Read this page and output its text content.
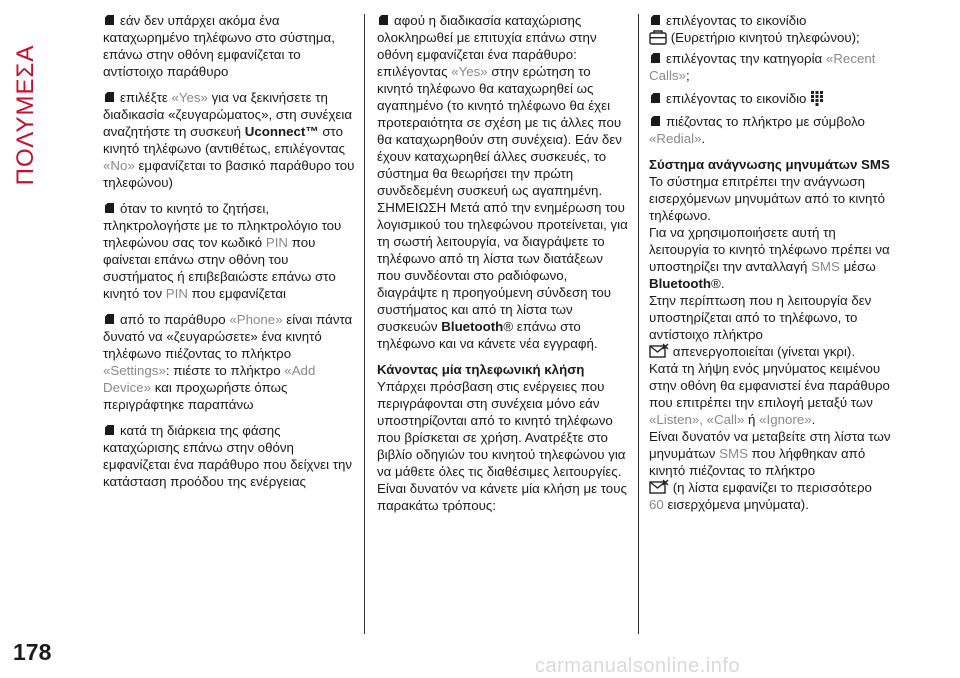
ΠΟΛΥΜΕΣΑ

εάν δεν υπάρχει ακόμα ένα καταχωρημένο τηλέφωνο στο σύστημα, επάνω στην οθόνη εμφανίζεται το αντίστοιχο παράθυρο

επιλέξτε «Yes» για να ξεκινήσετε τη διαδικασία «ζευγαρώματος», στη συνέχεια αναζητήστε τη συσκευή Uconnect™ στο κινητό τηλέφωνο (αντιθέτως, επιλέγοντας «No» εμφανίζεται το βασικό παράθυρο του τηλεφώνου)

όταν το κινητό το ζητήσει, πληκτρολογήστε με το πληκτρολόγιο του τηλεφώνου σας τον κωδικό PIN που φαίνεται επάνω στην οθόνη του συστήματος ή επιβεβαιώστε επάνω στο κινητό τον PIN που εμφανίζεται

από το παράθυρο «Phone» είναι πάντα δυνατό να «ζευγαρώσετε» ένα κινητό τηλέφωνο πιέζοντας το πλήκτρο «Settings»: πιέστε το πλήκτρο «Add Device» και προχωρήστε όπως περιγράφτηκε παραπάνω

κατά τη διάρκεια της φάσης καταχώρισης επάνω στην οθόνη εμφανίζεται ένα παράθυρο που δείχνει την κατάσταση προόδου της ενέργειας

αφού η διαδικασία καταχώρισης ολοκληρωθεί με επιτυχία επάνω στην οθόνη εμφανίζεται ένα παράθυρο: επιλέγοντας «Yes» στην ερώτηση το κινητό τηλέφωνο θα καταχωρηθεί ως αγαπημένο (το κινητό τηλέφωνο θα έχει προτεραιότητα σε σχέση με τις άλλες που θα καταχωρηθούν στη συνέχεια). Εάν δεν έχουν καταχωρηθεί άλλες συσκευές, το σύστημα θα θεωρήσει την πρώτη συνδεδεμένη συσκευή ως αγαπημένη.

ΣΗΜΕΙΩΣΗ Μετά από την ενημέρωση του λογισμικού του τηλεφώνου προτείνεται, για τη σωστή λειτουργία, να διαγράψετε το τηλέφωνο από τη λίστα των διατάξεων που συνδέονται στο ραδιόφωνο, διαγράψτε η προηγούμενη σύνδεση του συστήματος και από τη λίστα των συσκευών Bluetooth® επάνω στο τηλέφωνο και να κάνετε νέα εγγραφή.

Κάνοντας μία τηλεφωνική κλήση

Υπάρχει πρόσβαση στις ενέργειες που περιγράφονται στη συνέχεια μόνο εάν υποστηρίζονται από το κινητό τηλέφωνο που βρίσκεται σε χρήση. Ανατρέξτε στο βιβλίο οδηγιών του κινητού τηλεφώνου για να μάθετε όλες τις διαθέσιμες λειτουργίες.

Είναι δυνατόν να κάνετε μία κλήση με τους παρακάτω τρόπους:

επιλέγοντας το εικονίδιο
(Ευρετήριο κινητού τηλεφώνου);

επιλέγοντας την κατηγορία «Recent Calls»;

επιλέγοντας το εικονίδιο

πιέζοντας το πλήκτρο με σύμβολο «Redial».

Σύστημα ανάγνωσης μηνυμάτων SMS

Το σύστημα επιτρέπει την ανάγνωση εισερχόμενων μηνυμάτων από το κινητό τηλέφωνο.

Για να χρησιμοποιήσετε αυτή τη λειτουργία το κινητό τηλέφωνο πρέπει να υποστηρίζει την ανταλλαγή SMS μέσω Bluetooth®.
Στην περίπτωση που η λειτουργία δεν υποστηρίζεται από το τηλέφωνο, το αντίστοιχο πλήκτρο
απενεργοποιείται (γίνεται γκρι).

Κατά τη λήψη ενός μηνύματος κειμένου στην οθόνη θα εμφανιστεί ένα παράθυρο που επιτρέπει την επιλογή μεταξύ των «Listen», «Call» ή «Ignore».

Είναι δυνατόν να μεταβείτε στη λίστα των μηνυμάτων SMS που λήφθηκαν από κινητό πιέζοντας το πλήκτρο
(η λίστα εμφανίζει το περισσότερο
60 εισερχόμενα μηνύματα).

178
carmanualsonline.info
